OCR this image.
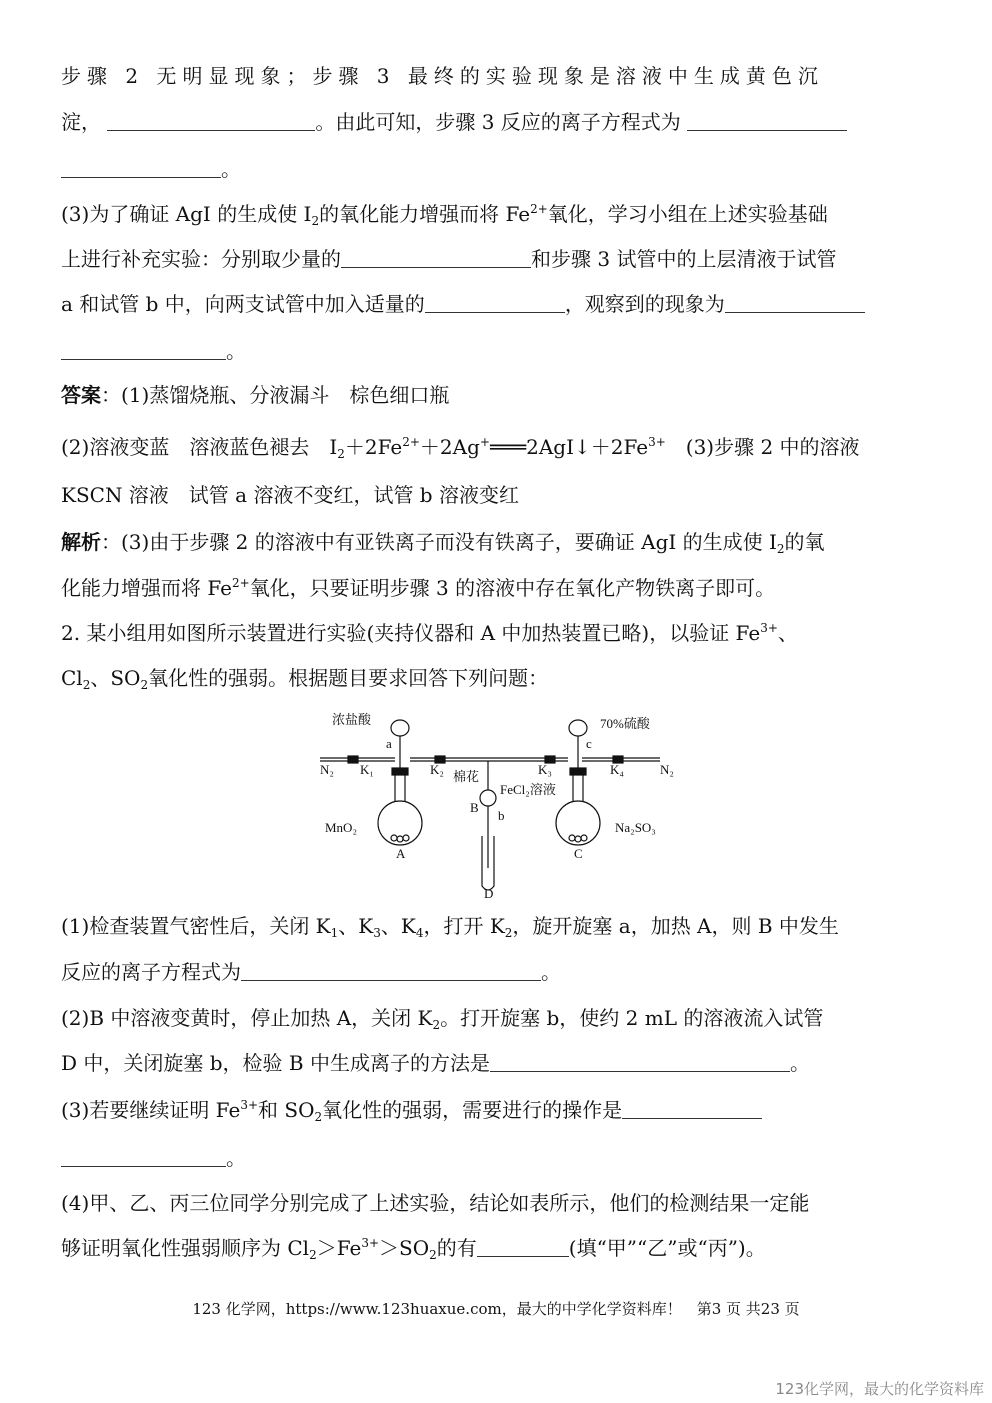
步骤 2 无明显现象；步骤 3 最终的实验现象是溶液中生成黄色沉
淀，	。由此可知，步骤 3 反应的离子方程式为
。
(3)为了确证 AgI 的生成使 $I_2$的氧化能力增强而将 $Fe^{2+}$氧化，学习小组在上述实验基础
上进行补充实验：分别取少量的	和步骤 3 试管中的上层清液于试管
a 和试管 b 中，向两支试管中加入适量的	，观察到的现象为
。
答案：(1)蒸馏烧瓶、分液漏斗　棕色细口瓶
(2)溶液变蓝　溶液蓝色褪去　$I_2+2Fe^{2+}+2Ag^+═══2AgI↓+2Fe^{3+}$　(3)步骤 2 中的溶液
KSCN 溶液　试管 a 溶液不变红，试管 b 溶液变红
解析：(3)由于步骤 2 的溶液中有亚铁离子而没有铁离子，要确证 AgI 的生成使 $I_2$的氧
化能力增强而将 $Fe^{2+}$氧化，只要证明步骤 3 的溶液中存在氧化产物铁离子即可。
2. 某小组用如图所示装置进行实验(夹持仪器和 A 中加热装置已略)，以验证 $Fe^{3+}$、
$Cl_2$、$SO_2$氧化性的强弱。根据题目要求回答下列问题：
浓盐酸	70%硫酸
a	c
N₂	N₂
K₁	K₂	K₃	K₄
棉花
FeCl₂溶液
B
b
MnO₂	Na₂SO₃
A	C
D
(1)检查装置气密性后，关闭 $K_1$、$K_3$、$K_4$，打开 $K_2$，旋开旋塞 a，加热 A，则 B 中发生
反应的离子方程式为	。
(2)B 中溶液变黄时，停止加热 A，关闭 $K_2$。打开旋塞 b，使约 2 mL 的溶液流入试管
D 中，关闭旋塞 b，检验 B 中生成离子的方法是	。
(3)若要继续证明 $Fe^{3+}$和 $SO_2$氧化性的强弱，需要进行的操作是
。
(4)甲、乙、丙三位同学分别完成了上述实验，结论如表所示，他们的检测结果一定能
够证明氧化性强弱顺序为 $Cl_2>Fe^{3+}>SO_2$的有	(填“甲”“乙”或“丙”)。
123 化学网，https://www.123huaxue.com，最大的中学化学资料库！　第3 页 共23 页
123化学网，最大的化学资料库
